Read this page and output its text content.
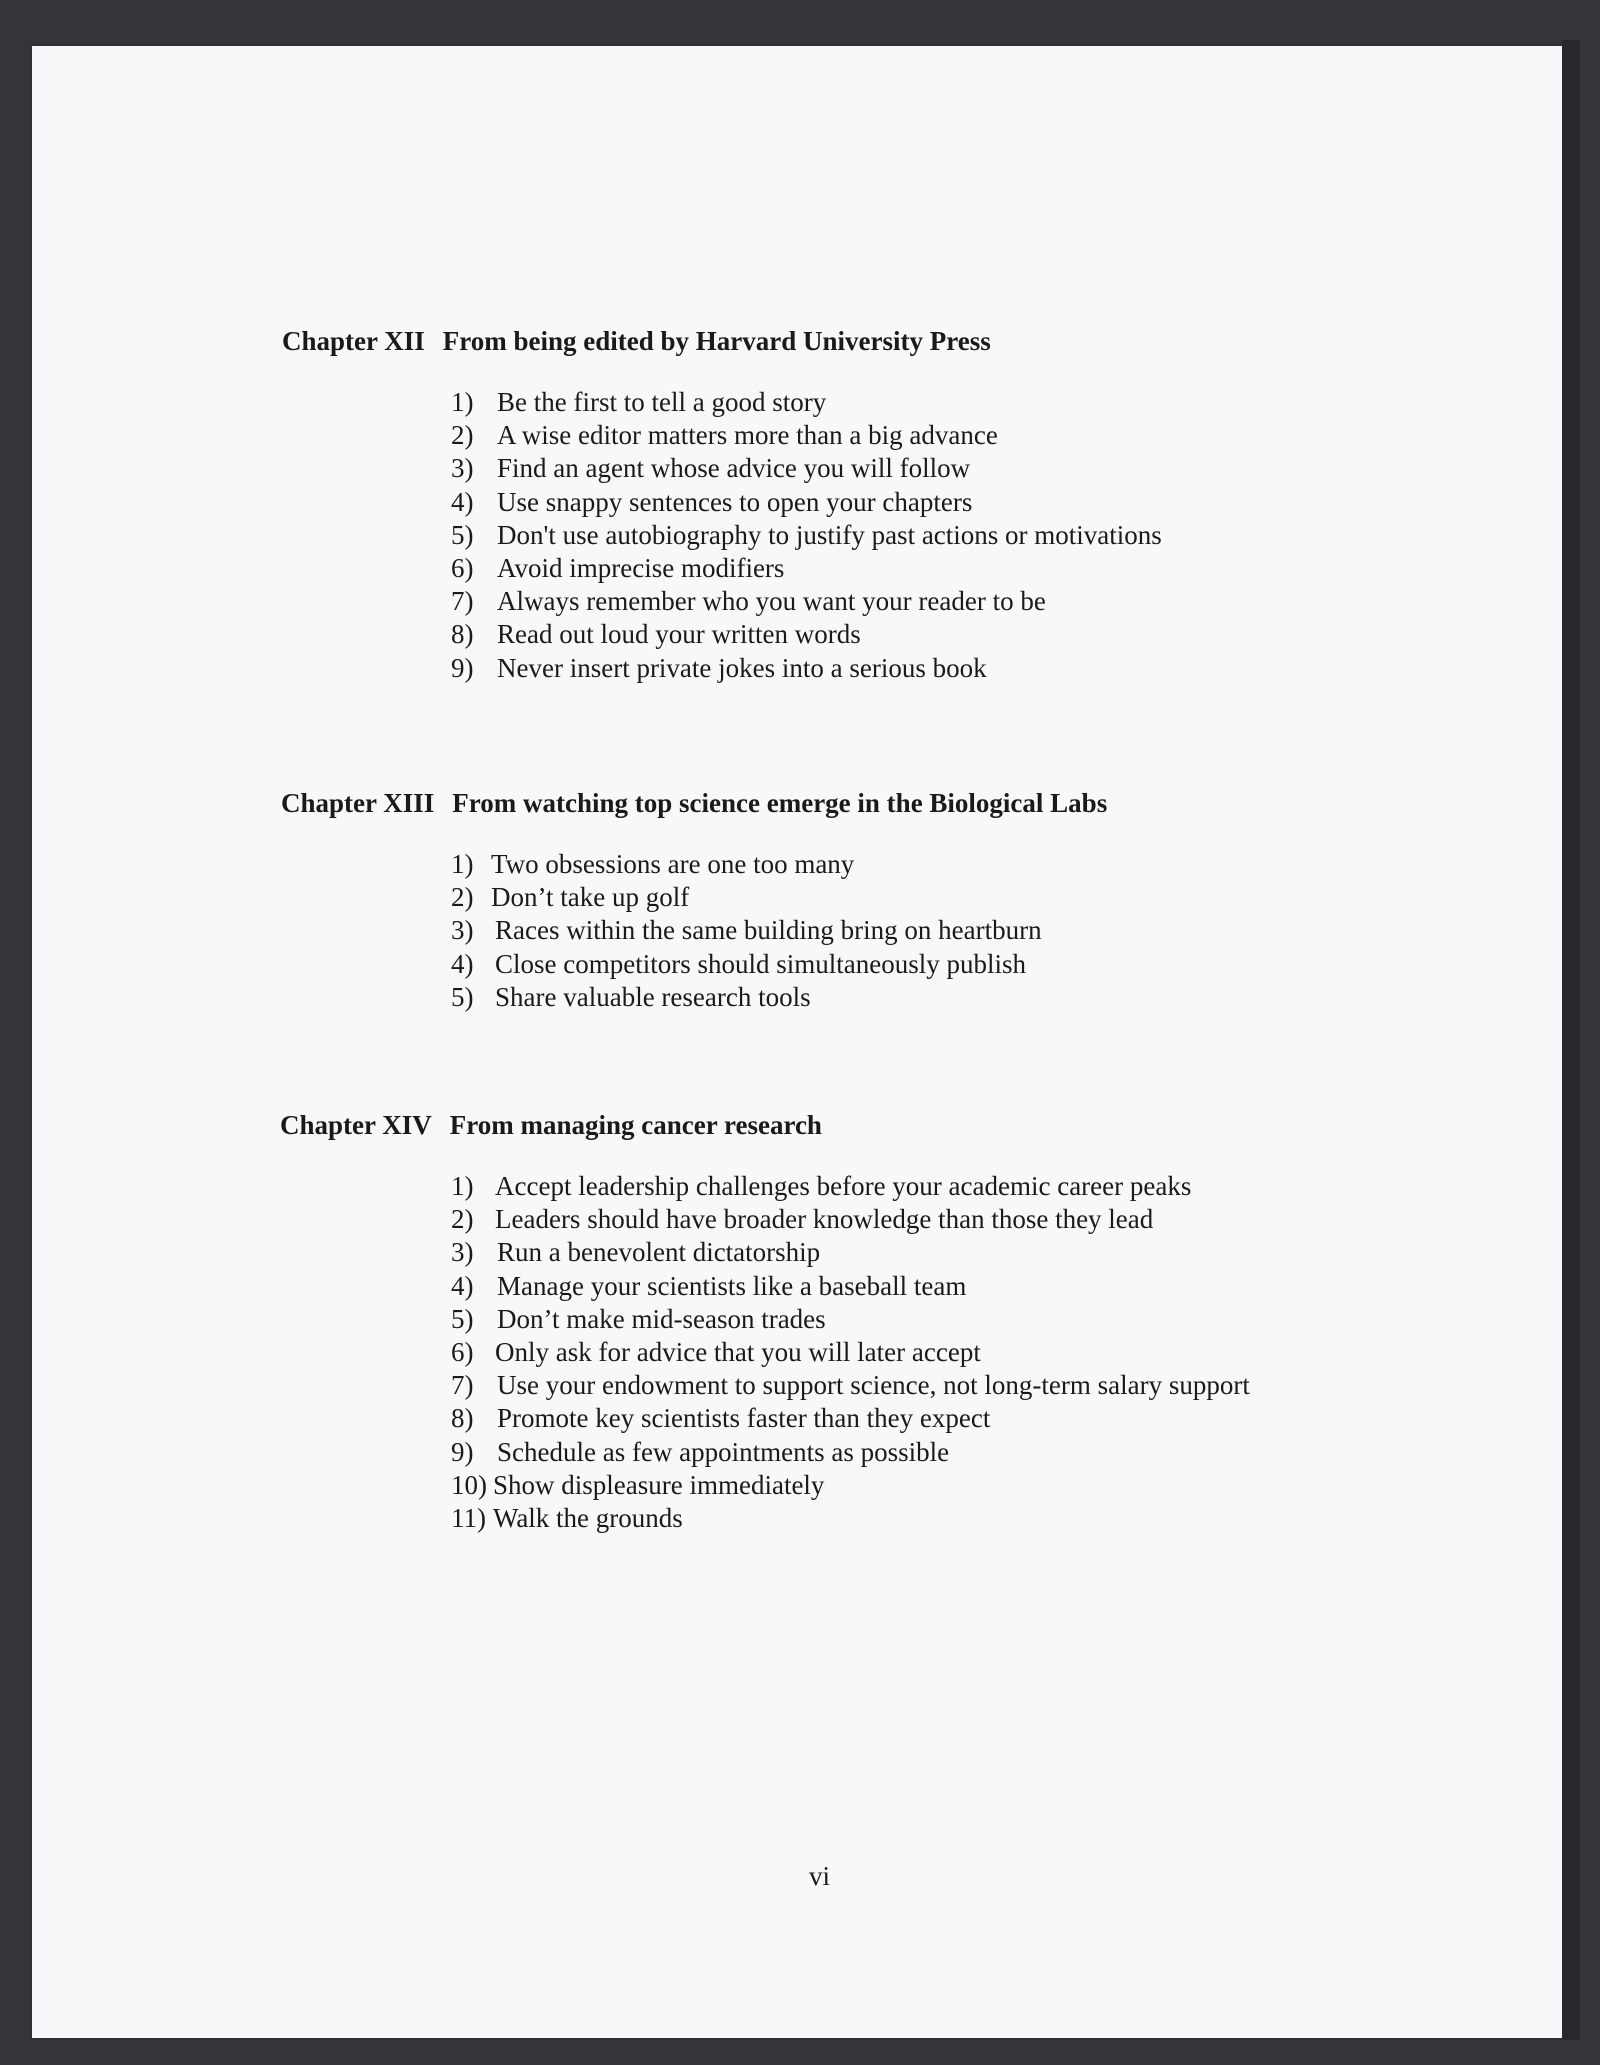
Chapter XII From being edited by Harvard University Press
1) Be the first to tell a good story
2) A wise editor matters more than a big advance
3) Find an agent whose advice you will follow
4) Use snappy sentences to open your chapters
5) Don't use autobiography to justify past actions or motivations
6) Avoid imprecise modifiers
7) Always remember who you want your reader to be
8) Read out loud your written words
9) Never insert private jokes into a serious book
Chapter XIII From watching top science emerge in the Biological Labs
1) Two obsessions are one too many
2) Don’t take up golf
3) Races within the same building bring on heartburn
4) Close competitors should simultaneously publish
5) Share valuable research tools
Chapter XIV From managing cancer research
1) Accept leadership challenges before your academic career peaks
2) Leaders should have broader knowledge than those they lead
3) Run a benevolent dictatorship
4) Manage your scientists like a baseball team
5) Don’t make mid-season trades
6) Only ask for advice that you will later accept
7) Use your endowment to support science, not long-term salary support
8) Promote key scientists faster than they expect
9) Schedule as few appointments as possible
10) Show displeasure immediately
11) Walk the grounds
vi
